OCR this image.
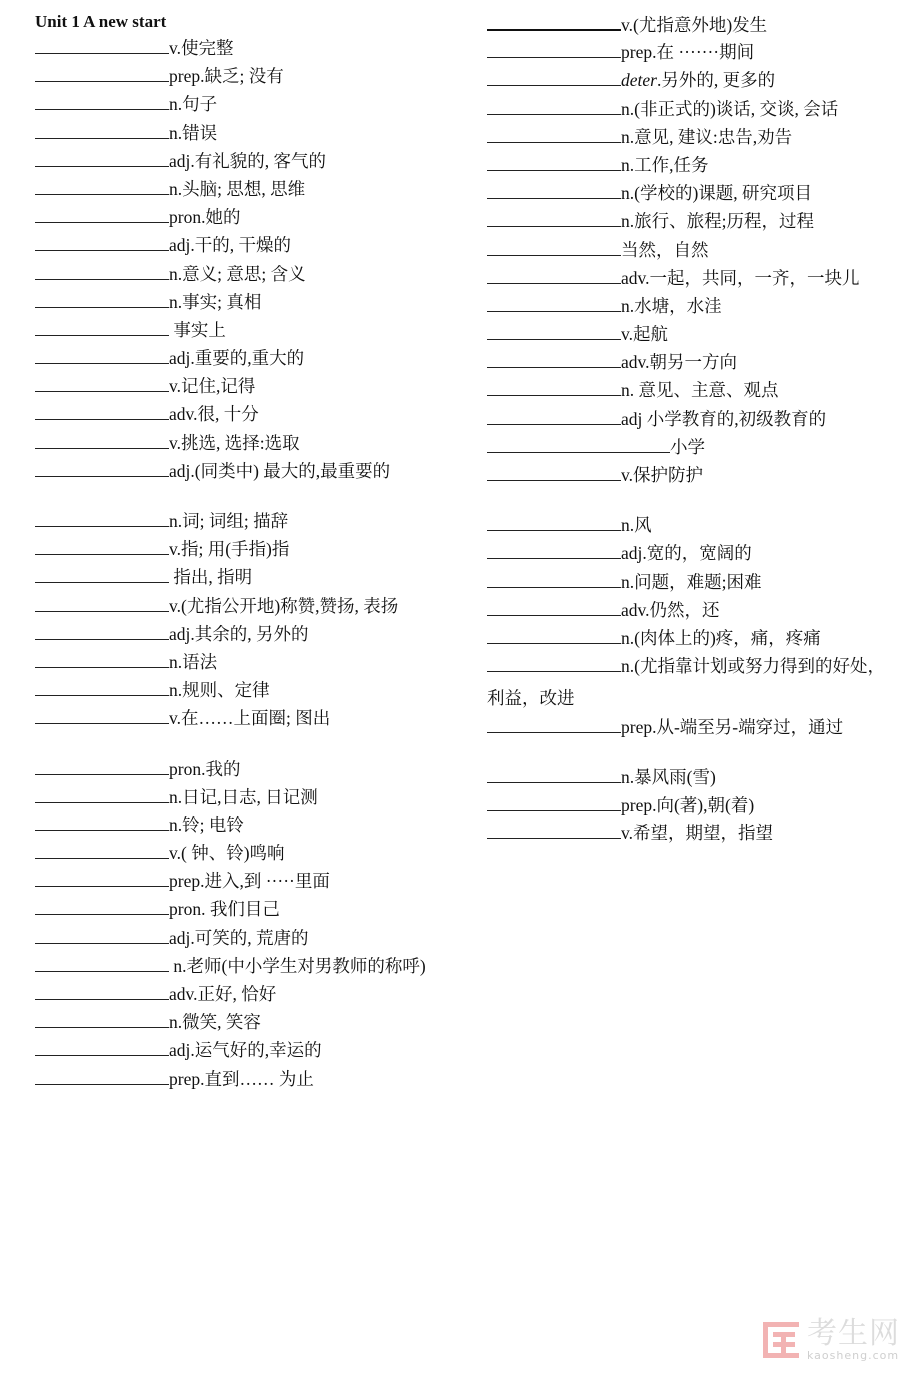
Unit 1 A new start
v.使完整
prep.缺乏; 没有
n.句子
n.错误
adj.有礼貌的, 客气的
n.头脑; 思想, 思维
pron.她的
adj.干的, 干燥的
n.意义; 意思; 含义
n.事实; 真相
事实上
adj.重要的,重大的
v.记住,记得
adv.很, 十分
v.挑选, 选择:选取
adj.(同类中) 最大的,最重要的
n.词; 词组; 描辞
v.指; 用(手指)指
指出, 指明
v.(尤指公开地)称赞,赞扬, 表扬
adj.其余的, 另外的
n.语法
n.规则、定律
v.在……上面圈; 图出
pron.我的
n.日记,日志, 日记测
n.铃; 电铃
v.( 钟、铃)鸣响
prep.进入,到 ·····里面
pron. 我们目己
adj.可笑的, 荒唐的
n.老师(中小学生对男教师的称呼)
adv.正好, 恰好
n.微笑, 笑容
adj.运气好的,幸运的
prep.直到…… 为止
v.(尤指意外地)发生
prep.在 ·······期间
deter.另外的, 更多的
n.(非正式的)谈话, 交谈, 会话
n.意见, 建议:忠告,劝告
n.工作,任务
n.(学校的)课题, 研究项目
n.旅行、旅程;历程，过程
当然，自然
adv.一起，共同，一齐，一块儿
n.水塘，水洼
v.起航
adv.朝另一方向
n. 意见、主意、观点
adj 小学教育的,初级教育的
小学
v.保护防护
n.风
adj.宽的，宽阔的
n.问题，难题;困难
adv.仍然，还
n.(肉体上的)疼，痛，疼痛
n.(尤指靠计划或努力得到的好处，
利益，改进
prep.从-端至另-端穿过，通过
n.暴风雨(雪)
prep.向(著),朝(着)
v.希望，期望，指望
考生网
kaosheng.com
